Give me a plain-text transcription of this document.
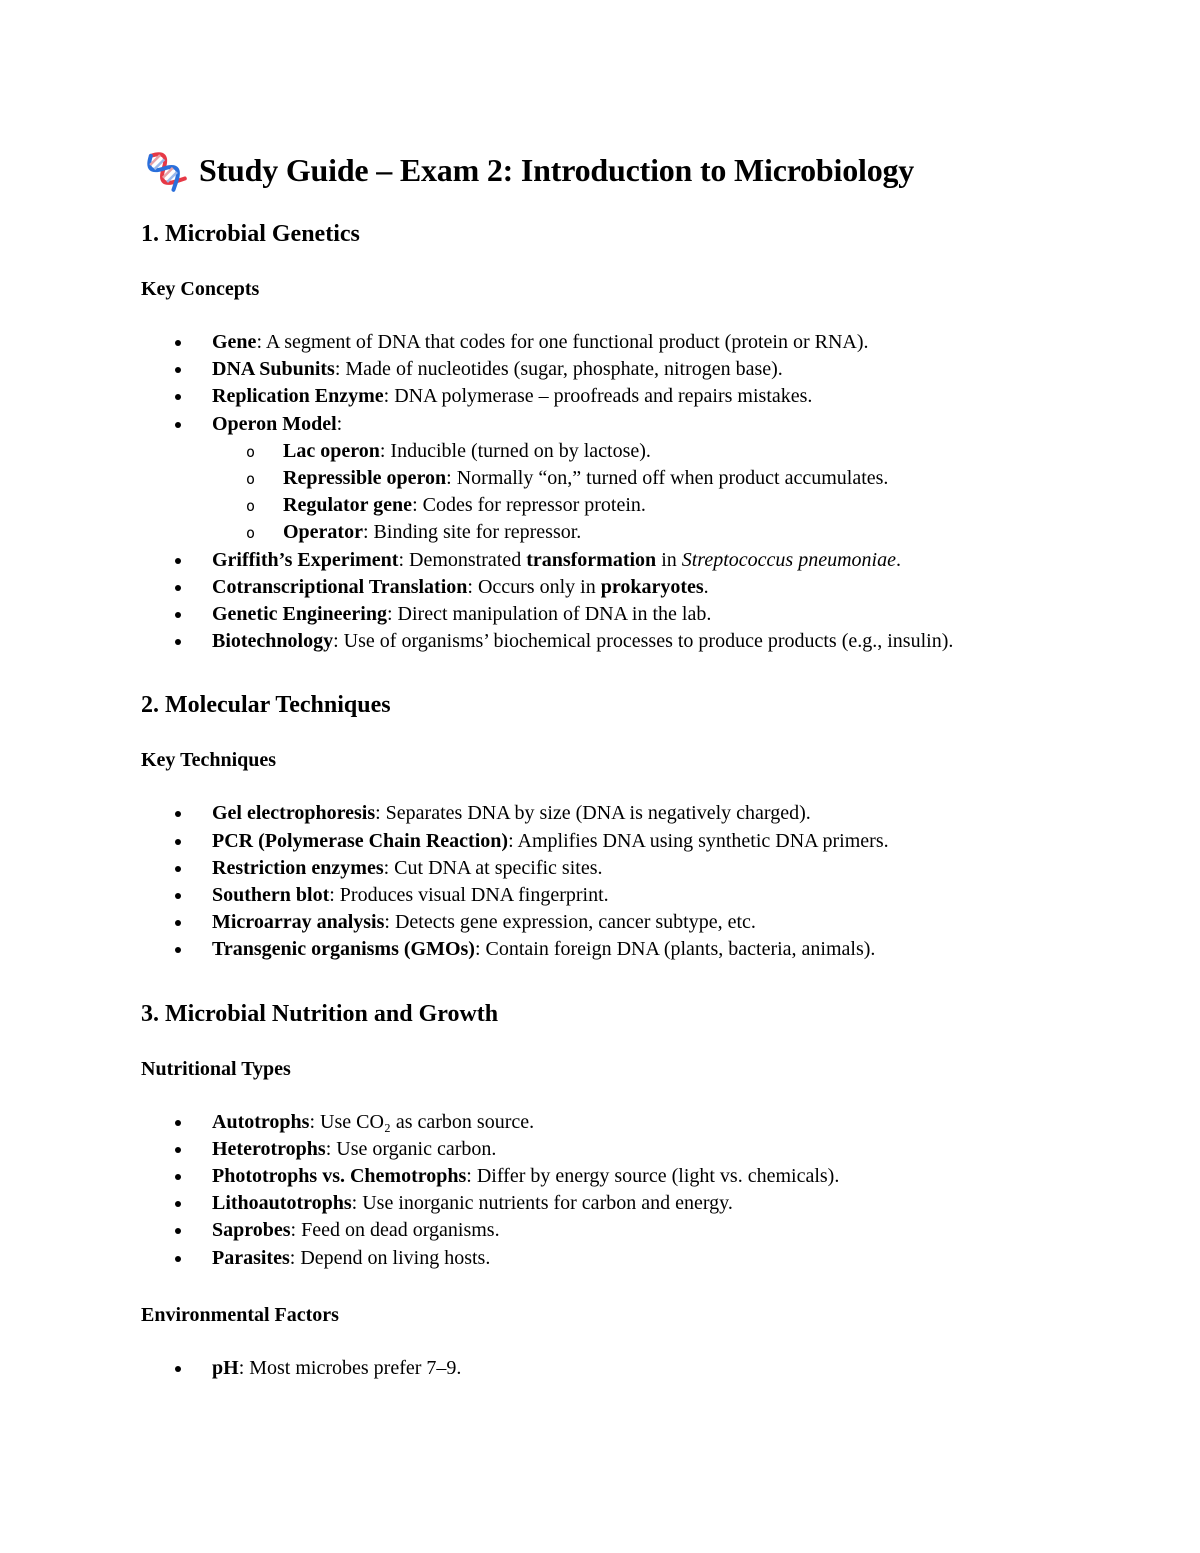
Study Guide – Exam 2: Introduction to Microbiology
1. Microbial Genetics
Key Concepts
Gene: A segment of DNA that codes for one functional product (protein or RNA).
DNA Subunits: Made of nucleotides (sugar, phosphate, nitrogen base).
Replication Enzyme: DNA polymerase – proofreads and repairs mistakes.
Operon Model:
o Lac operon: Inducible (turned on by lactose).
o Repressible operon: Normally “on,” turned off when product accumulates.
o Regulator gene: Codes for repressor protein.
o Operator: Binding site for repressor.
Griffith’s Experiment: Demonstrated transformation in Streptococcus pneumoniae.
Cotranscriptional Translation: Occurs only in prokaryotes.
Genetic Engineering: Direct manipulation of DNA in the lab.
Biotechnology: Use of organisms’ biochemical processes to produce products (e.g., insulin).
2. Molecular Techniques
Key Techniques
Gel electrophoresis: Separates DNA by size (DNA is negatively charged).
PCR (Polymerase Chain Reaction): Amplifies DNA using synthetic DNA primers.
Restriction enzymes: Cut DNA at specific sites.
Southern blot: Produces visual DNA fingerprint.
Microarray analysis: Detects gene expression, cancer subtype, etc.
Transgenic organisms (GMOs): Contain foreign DNA (plants, bacteria, animals).
3. Microbial Nutrition and Growth
Nutritional Types
Autotrophs: Use CO₂ as carbon source.
Heterotrophs: Use organic carbon.
Phototrophs vs. Chemotrophs: Differ by energy source (light vs. chemicals).
Lithoautotrophs: Use inorganic nutrients for carbon and energy.
Saprobes: Feed on dead organisms.
Parasites: Depend on living hosts.
Environmental Factors
pH: Most microbes prefer 7–9.
